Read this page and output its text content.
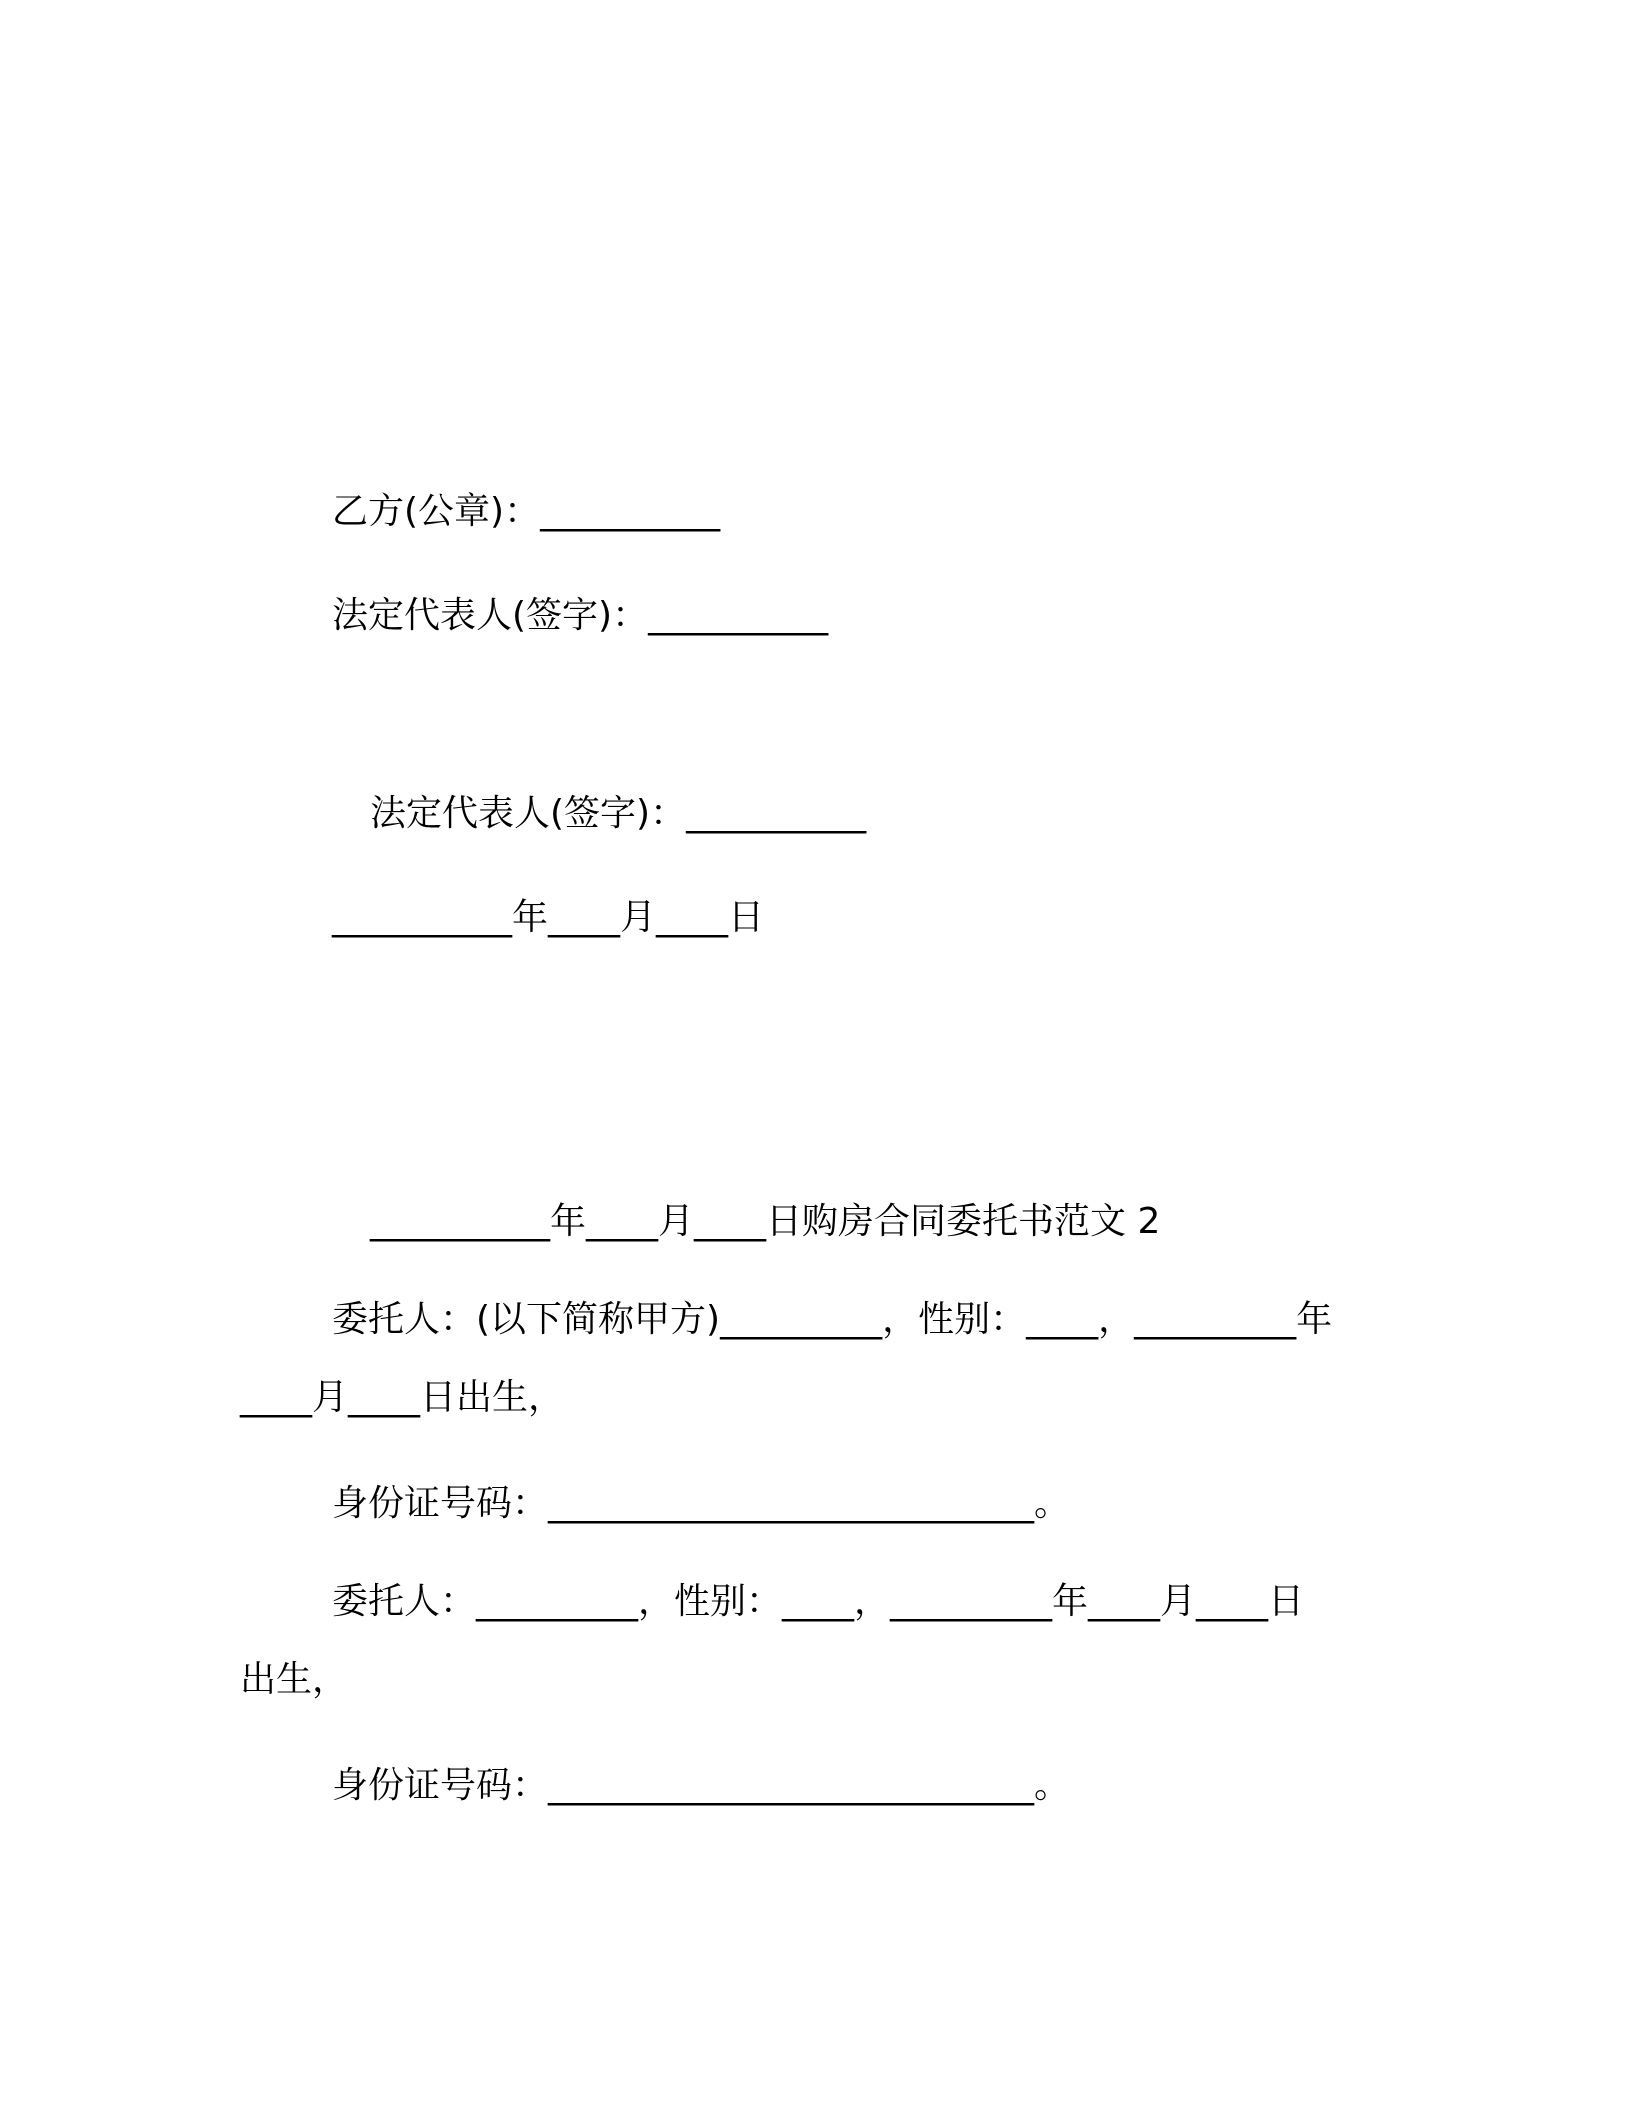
乙方(公章)：__________
法定代表人(签字)：__________
法定代表人(签字)：__________
__________年____月____日
__________年____月____日购房合同委托书范文 2
委托人：(以下简称甲方)_________，性别：____，_________年
____月____日出生，
身份证号码：___________________________。
委托人：_________，性别：____，_________年____月____日
出生，
身份证号码：___________________________。
